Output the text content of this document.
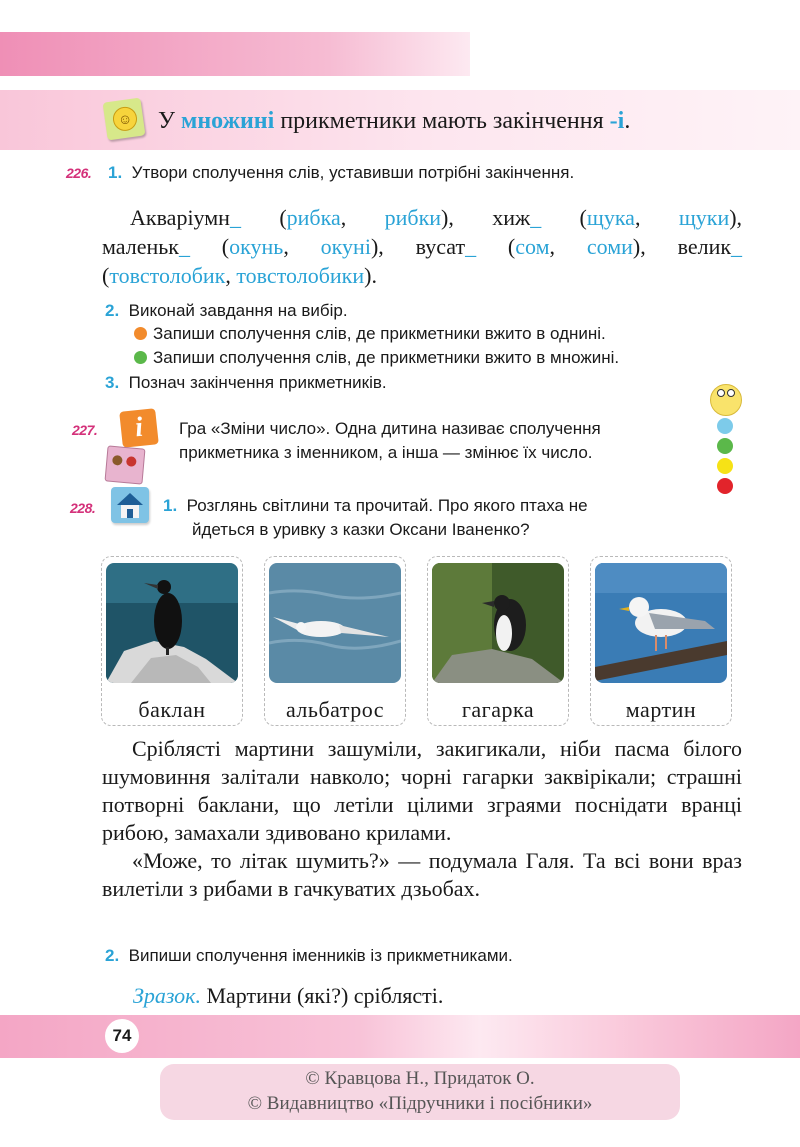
☺ У множині прикметники мають закінчення -і.
226. 1. Утвори сполучення слів, уставивши потрібні закінчення.
Акваріумн_ (рибка, рибки), хиж_ (щука, щуки),
маленьк_ (окунь, окуні), вусат_ (сом, соми), велик_
(товстолобик, товстолобики).
2. Виконай завдання на вибір.
Запиши сполучення слів, де прикметники вжито в однині.
Запиши сполучення слів, де прикметники вжито в множині.
3. Познач закінчення прикметників.
227.	i	Гра «Зміни число». Одна дитина називає сполучення
прикметника з іменником, а інша — змінює їх число.
228.	1. Розглянь світлини та прочитай. Про якого птаха не
йдеться в уривку з казки Оксани Іваненко?
баклан	альбатрос	гагарка	мартин

Сріблясті мартини зашуміли, закигикали, ніби пасма білого шумовиння залітали навколо; чорні гагарки заквірікали; страшні потворні баклани, що летіли цілими зграями поснідати вранці рибою, замахали здивовано крилами.

«Може, то літак шумить?» — подумала Галя. Та всі вони враз вилетіли з рибами в гачкуватих дзьобах.

2. Випиши сполучення іменників із прикметниками.
Зразок. Мартини (які?) сріблясті.
74
© Кравцова Н., Придаток О.
© Видавництво «Підручники і посібники»
